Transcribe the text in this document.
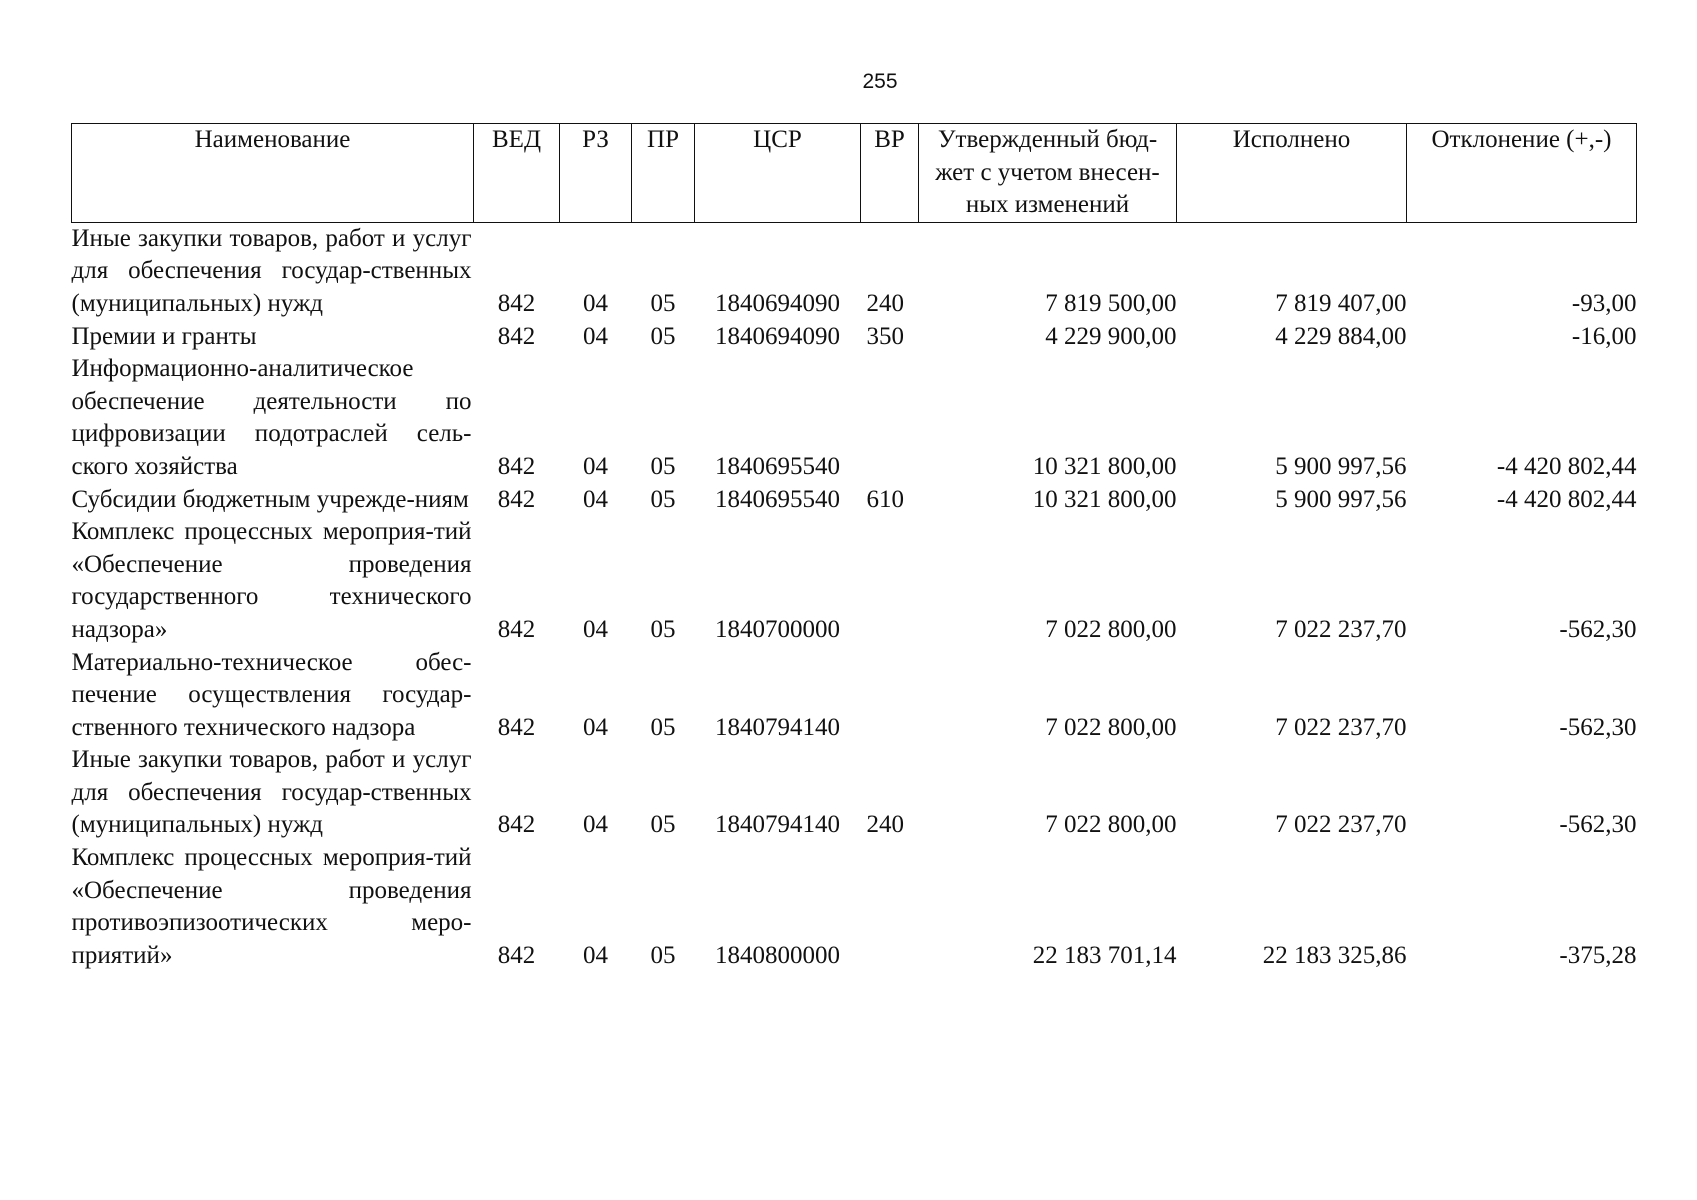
255
Наименование	ВЕД	РЗ	ПР	ЦСР	ВР	Утвержденный бюд-жет с учетом внесен-ных изменений	Исполнено	Отклонение (+,-)
Иные закупки товаров, работ и услуг для обеспечения государ-ственных (муниципальных) нужд	842	04	05	1840694090	240	7 819 500,00	7 819 407,00	-93,00
Премии и гранты	842	04	05	1840694090	350	4 229 900,00	4 229 884,00	-16,00
Информационно-аналитическое обеспечение деятельности по цифровизации подотраслей сель-ского хозяйства	842	04	05	1840695540		10 321 800,00	5 900 997,56	-4 420 802,44
Субсидии бюджетным учрежде-ниям	842	04	05	1840695540	610	10 321 800,00	5 900 997,56	-4 420 802,44
Комплекс процессных мероприя-тий «Обеспечение проведения государственного технического надзора»	842	04	05	1840700000		7 022 800,00	7 022 237,70	-562,30
Материально-техническое обес-печение осуществления государ-ственного технического надзора	842	04	05	1840794140		7 022 800,00	7 022 237,70	-562,30
Иные закупки товаров, работ и услуг для обеспечения государ-ственных (муниципальных) нужд	842	04	05	1840794140	240	7 022 800,00	7 022 237,70	-562,30
Комплекс процессных мероприя-тий «Обеспечение проведения противоэпизоотических меро-приятий»	842	04	05	1840800000		22 183 701,14	22 183 325,86	-375,28
